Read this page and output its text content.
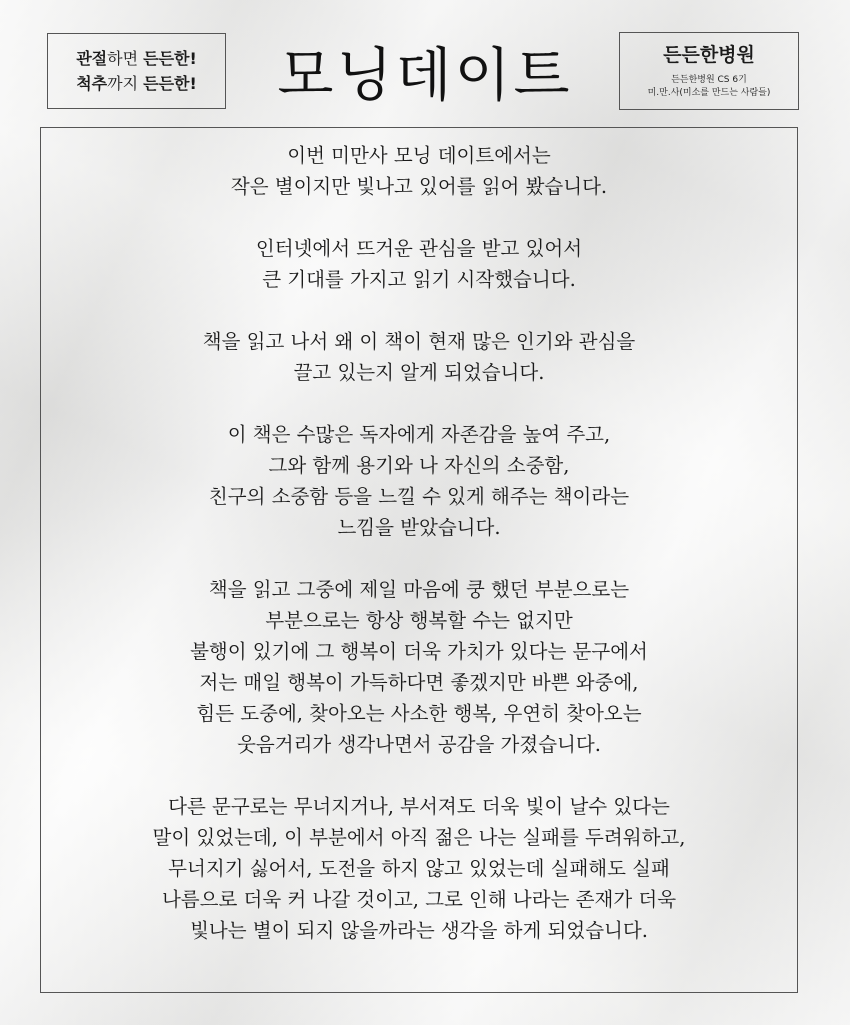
관절하면 든든한!
척추까지 든든한!	모닝데이트	든든한병원
든든한병원 CS 6기
미.만.사(미소를 만드는 사람들)
이번 미만사 모닝 데이트에서는
작은 별이지만 빛나고 있어를 읽어 봤습니다.
인터넷에서 뜨거운 관심을 받고 있어서
큰 기대를 가지고 읽기 시작했습니다.
책을 읽고 나서 왜 이 책이 현재 많은 인기와 관심을
끌고 있는지 알게 되었습니다.
이 책은 수많은 독자에게 자존감을 높여 주고,
그와 함께 용기와 나 자신의 소중함,
친구의 소중함 등을 느낄 수 있게 해주는 책이라는
느낌을 받았습니다.
책을 읽고 그중에 제일 마음에 쿵 했던 부분으로는
부분으로는 항상 행복할 수는 없지만
불행이 있기에 그 행복이 더욱 가치가 있다는 문구에서
저는 매일 행복이 가득하다면 좋겠지만 바쁜 와중에,
힘든 도중에, 찾아오는 사소한 행복, 우연히 찾아오는
웃음거리가 생각나면서 공감을 가졌습니다.
다른 문구로는 무너지거나, 부서져도 더욱 빛이 날수 있다는
말이 있었는데, 이 부분에서 아직 젊은 나는 실패를 두려워하고,
무너지기 싫어서, 도전을 하지 않고 있었는데 실패해도 실패
나름으로 더욱 커 나갈 것이고, 그로 인해 나라는 존재가 더욱
빛나는 별이 되지 않을까라는 생각을 하게 되었습니다.
